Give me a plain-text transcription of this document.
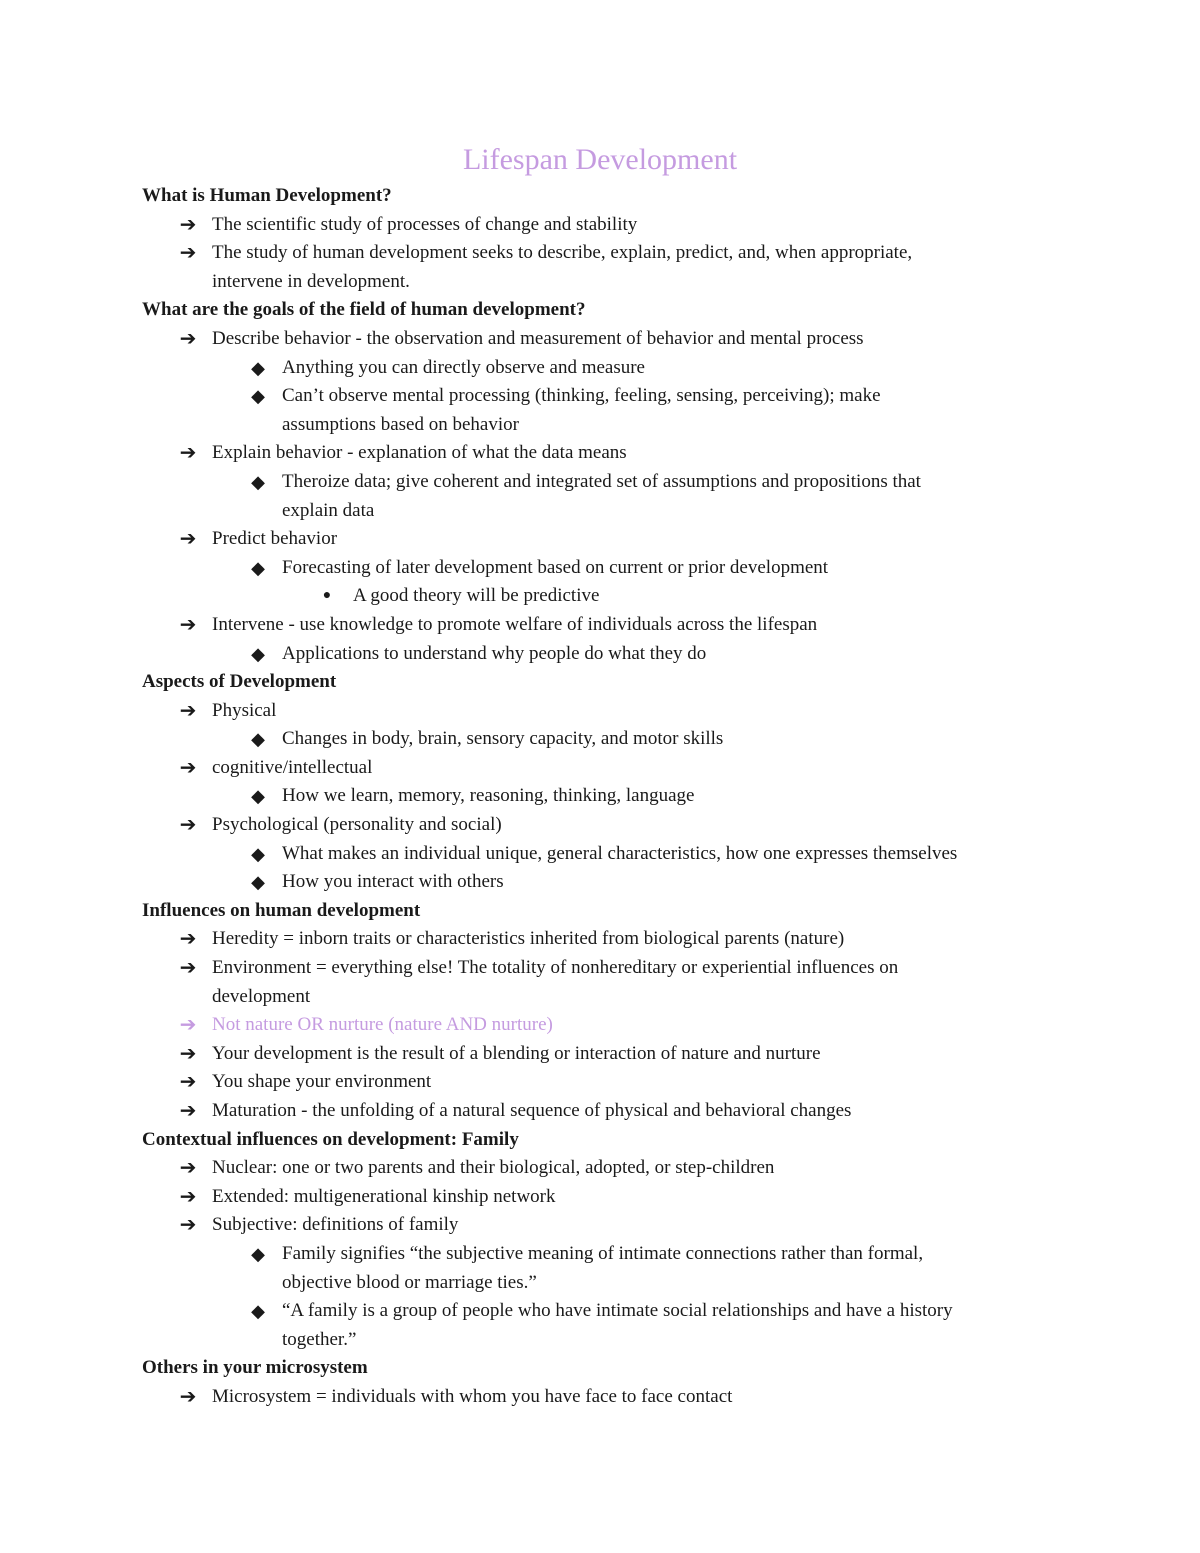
Lifespan Development
What is Human Development?
➔ The scientific study of processes of change and stability
➔ The study of human development seeks to describe, explain, predict, and, when appropriate,
intervene in development.
What are the goals of the field of human development?
➔ Describe behavior - the observation and measurement of behavior and mental process
◆ Anything you can directly observe and measure
◆ Can’t observe mental processing (thinking, feeling, sensing, perceiving); make
assumptions based on behavior
➔ Explain behavior - explanation of what the data means
◆ Theroize data; give coherent and integrated set of assumptions and propositions that
explain data
➔ Predict behavior
◆ Forecasting of later development based on current or prior development
●	A good theory will be predictive
➔ Intervene - use knowledge to promote welfare of individuals across the lifespan
◆ Applications to understand why people do what they do
Aspects of Development
➔ Physical
◆ Changes in body, brain, sensory capacity, and motor skills
➔ cognitive/intellectual
◆ How we learn, memory, reasoning, thinking, language
➔ Psychological (personality and social)
◆ What makes an individual unique, general characteristics, how one expresses themselves
◆ How you interact with others
Influences on human development
➔ Heredity = inborn traits or characteristics inherited from biological parents (nature)
➔ Environment = everything else! The totality of nonhereditary or experiential influences on
development
➔ Not nature OR nurture (nature AND nurture)
➔ Your development is the result of a blending or interaction of nature and nurture
➔ You shape your environment
➔ Maturation - the unfolding of a natural sequence of physical and behavioral changes
Contextual influences on development: Family
➔ Nuclear: one or two parents and their biological, adopted, or step-children
➔ Extended: multigenerational kinship network
➔ Subjective: definitions of family
◆ Family signifies “the subjective meaning of intimate connections rather than formal,
objective blood or marriage ties.”
◆ “A family is a group of people who have intimate social relationships and have a history
together.”
Others in your microsystem
➔ Microsystem = individuals with whom you have face to face contact
